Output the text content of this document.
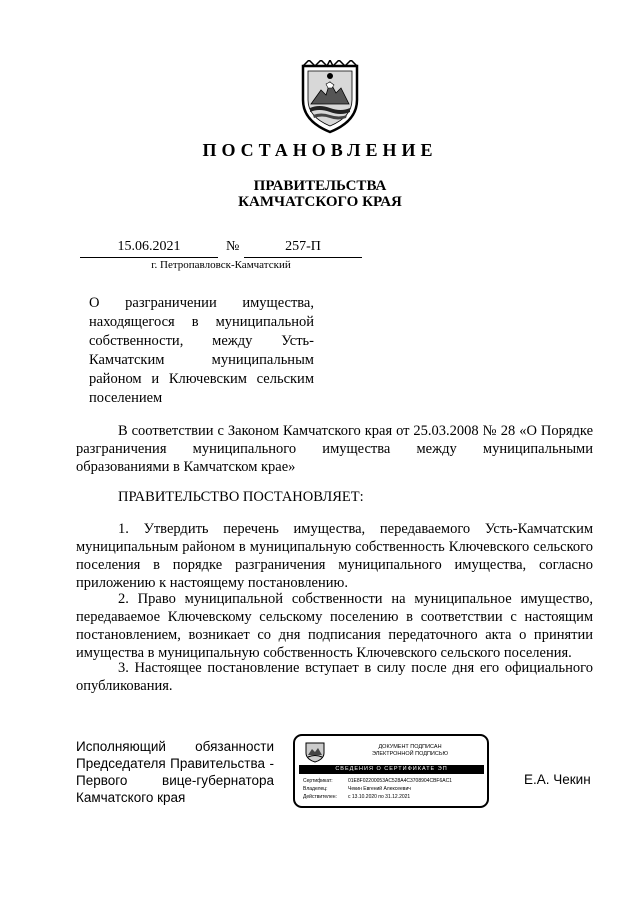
ПОСТАНОВЛЕНИЕ
ПРАВИТЕЛЬСТВА
КАМЧАТСКОГО КРАЯ
15.06.2021	№	257-П
г. Петропавловск-Камчатский
О разграничении имущества, находящегося в муниципальной собственности, между Усть-Камчатским муниципальным районом и Ключевским сельским поселением
В соответствии с Законом Камчатского края от 25.03.2008 № 28 «О Порядке разграничения муниципального имущества между муниципальными образованиями в Камчатском крае»
ПРАВИТЕЛЬСТВО ПОСТАНОВЛЯЕТ:
1. Утвердить перечень имущества, передаваемого Усть-Камчатским муниципальным районом в муниципальную собственность Ключевского сельского поселения в порядке разграничения муниципального имущества, согласно приложению к настоящему постановлению.
2. Право муниципальной собственности на муниципальное имущество, передаваемое Ключевскому сельскому поселению в соответствии с настоящим постановлением, возникает со дня подписания передаточного акта о принятии имущества в муниципальную собственность Ключевского сельского поселения.
3. Настоящее постановление вступает в силу после дня его официального опубликования.
Исполняющий обязанности
Председателя Правительства -
Первого вице-губернатора
Камчатского края
ДОКУМЕНТ ПОДПИСАН
ЭЛЕКТРОННОЙ ПОДПИСЬЮ
СВЕДЕНИЯ О СЕРТИФИКАТЕ ЭП
Сертификат:	01E8F02200053AC528A4C3708904CBF6AC1
Владелец:	Чекин Евгений Алексеевич
Действителен: с 13.10.2020 по 31.12.2021
Е.А. Чекин
